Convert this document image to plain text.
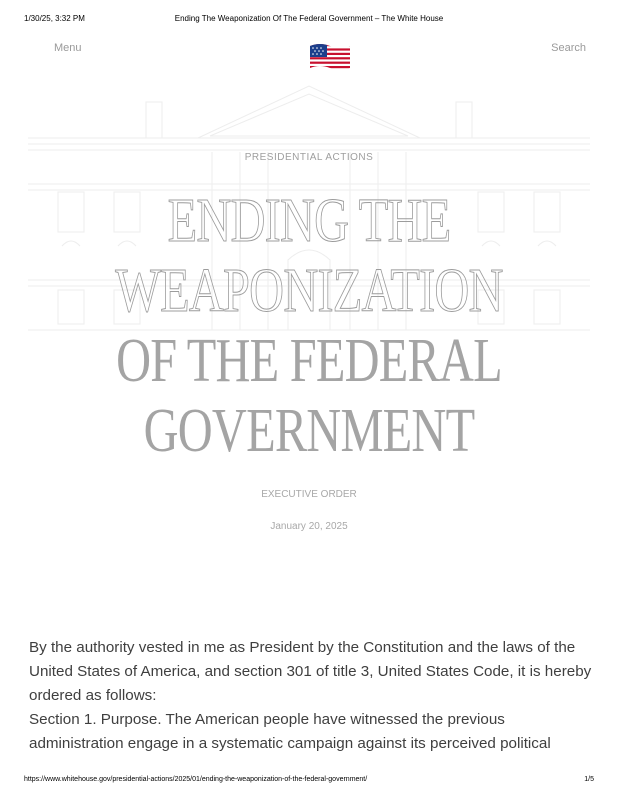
1/30/25, 3:32 PM	Ending The Weaponization Of The Federal Government – The White House
Menu	Search
PRESIDENTIAL ACTIONS
ENDING THE
WEAPONIZATION
OF THE FEDERAL
GOVERNMENT
EXECUTIVE ORDER
January 20, 2025

By the authority vested in me as President by the Constitution and the laws of the United States of America, and section 301 of title 3, United States Code, it is hereby ordered as follows:

Section 1. Purpose. The American people have witnessed the previous administration engage in a systematic campaign against its perceived political

https://www.whitehouse.gov/presidential-actions/2025/01/ending-the-weaponization-of-the-federal-government/	1/5
